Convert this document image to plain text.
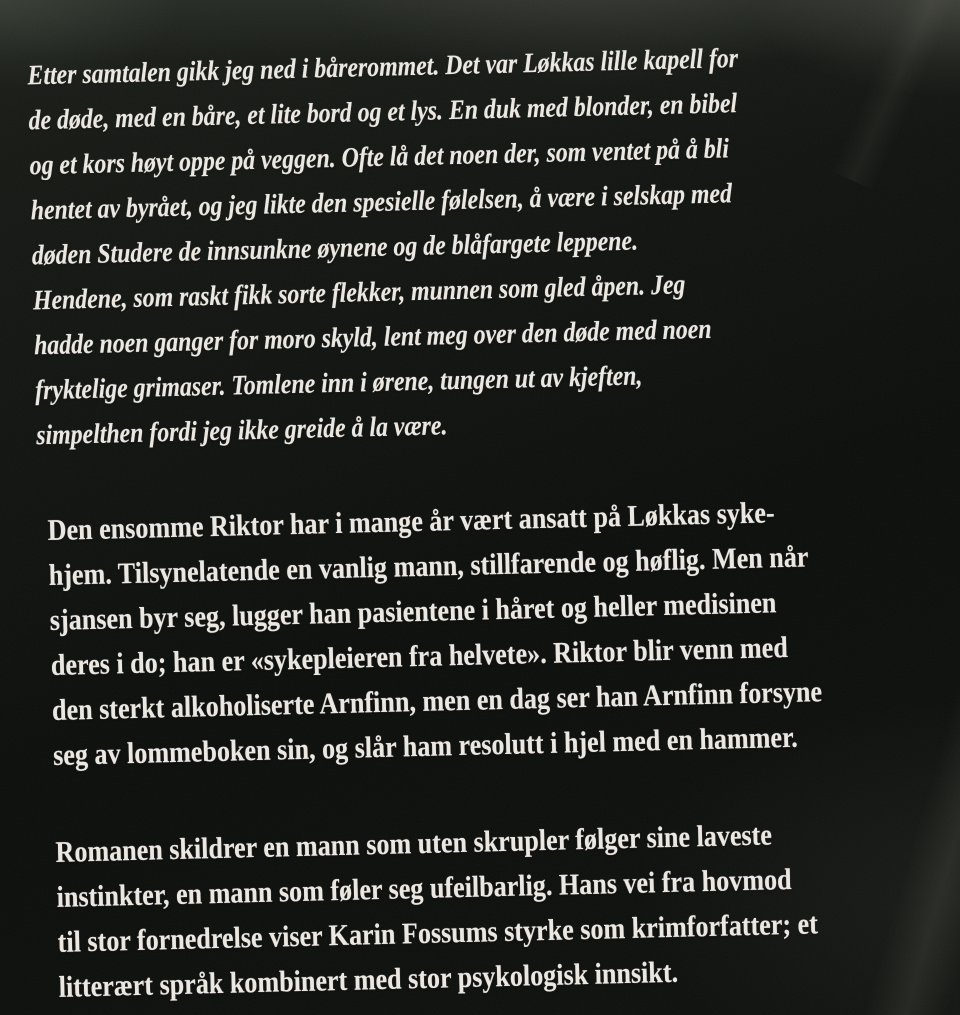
Etter samtalen gikk jeg ned i bårerommet. Det var Løkkas lille kapell for
de døde, med en båre, et lite bord og et lys. En duk med blonder, en bibel
og et kors høyt oppe på veggen. Ofte lå det noen der, som ventet på å bli
hentet av byrået, og jeg likte den spesielle følelsen, å være i selskap med
døden Studere de innsunkne øynene og de blåfargete leppene.
Hendene, som raskt fikk sorte flekker, munnen som gled åpen. Jeg
hadde noen ganger for moro skyld, lent meg over den døde med noen
fryktelige grimaser. Tomlene inn i ørene, tungen ut av kjeften,
simpelthen fordi jeg ikke greide å la være.
Den ensomme Riktor har i mange år vært ansatt på Løkkas syke-
hjem. Tilsynelatende en vanlig mann, stillfarende og høflig. Men når
sjansen byr seg, lugger han pasientene i håret og heller medisinen
deres i do; han er «sykepleieren fra helvete». Riktor blir venn med
den sterkt alkoholiserte Arnfinn, men en dag ser han Arnfinn forsyne
seg av lommeboken sin, og slår ham resolutt i hjel med en hammer.
Romanen skildrer en mann som uten skrupler følger sine laveste
instinkter, en mann som føler seg ufeilbarlig. Hans vei fra hovmod
til stor fornedrelse viser Karin Fossums styrke som krimforfatter; et
litterært språk kombinert med stor psykologisk innsikt.
